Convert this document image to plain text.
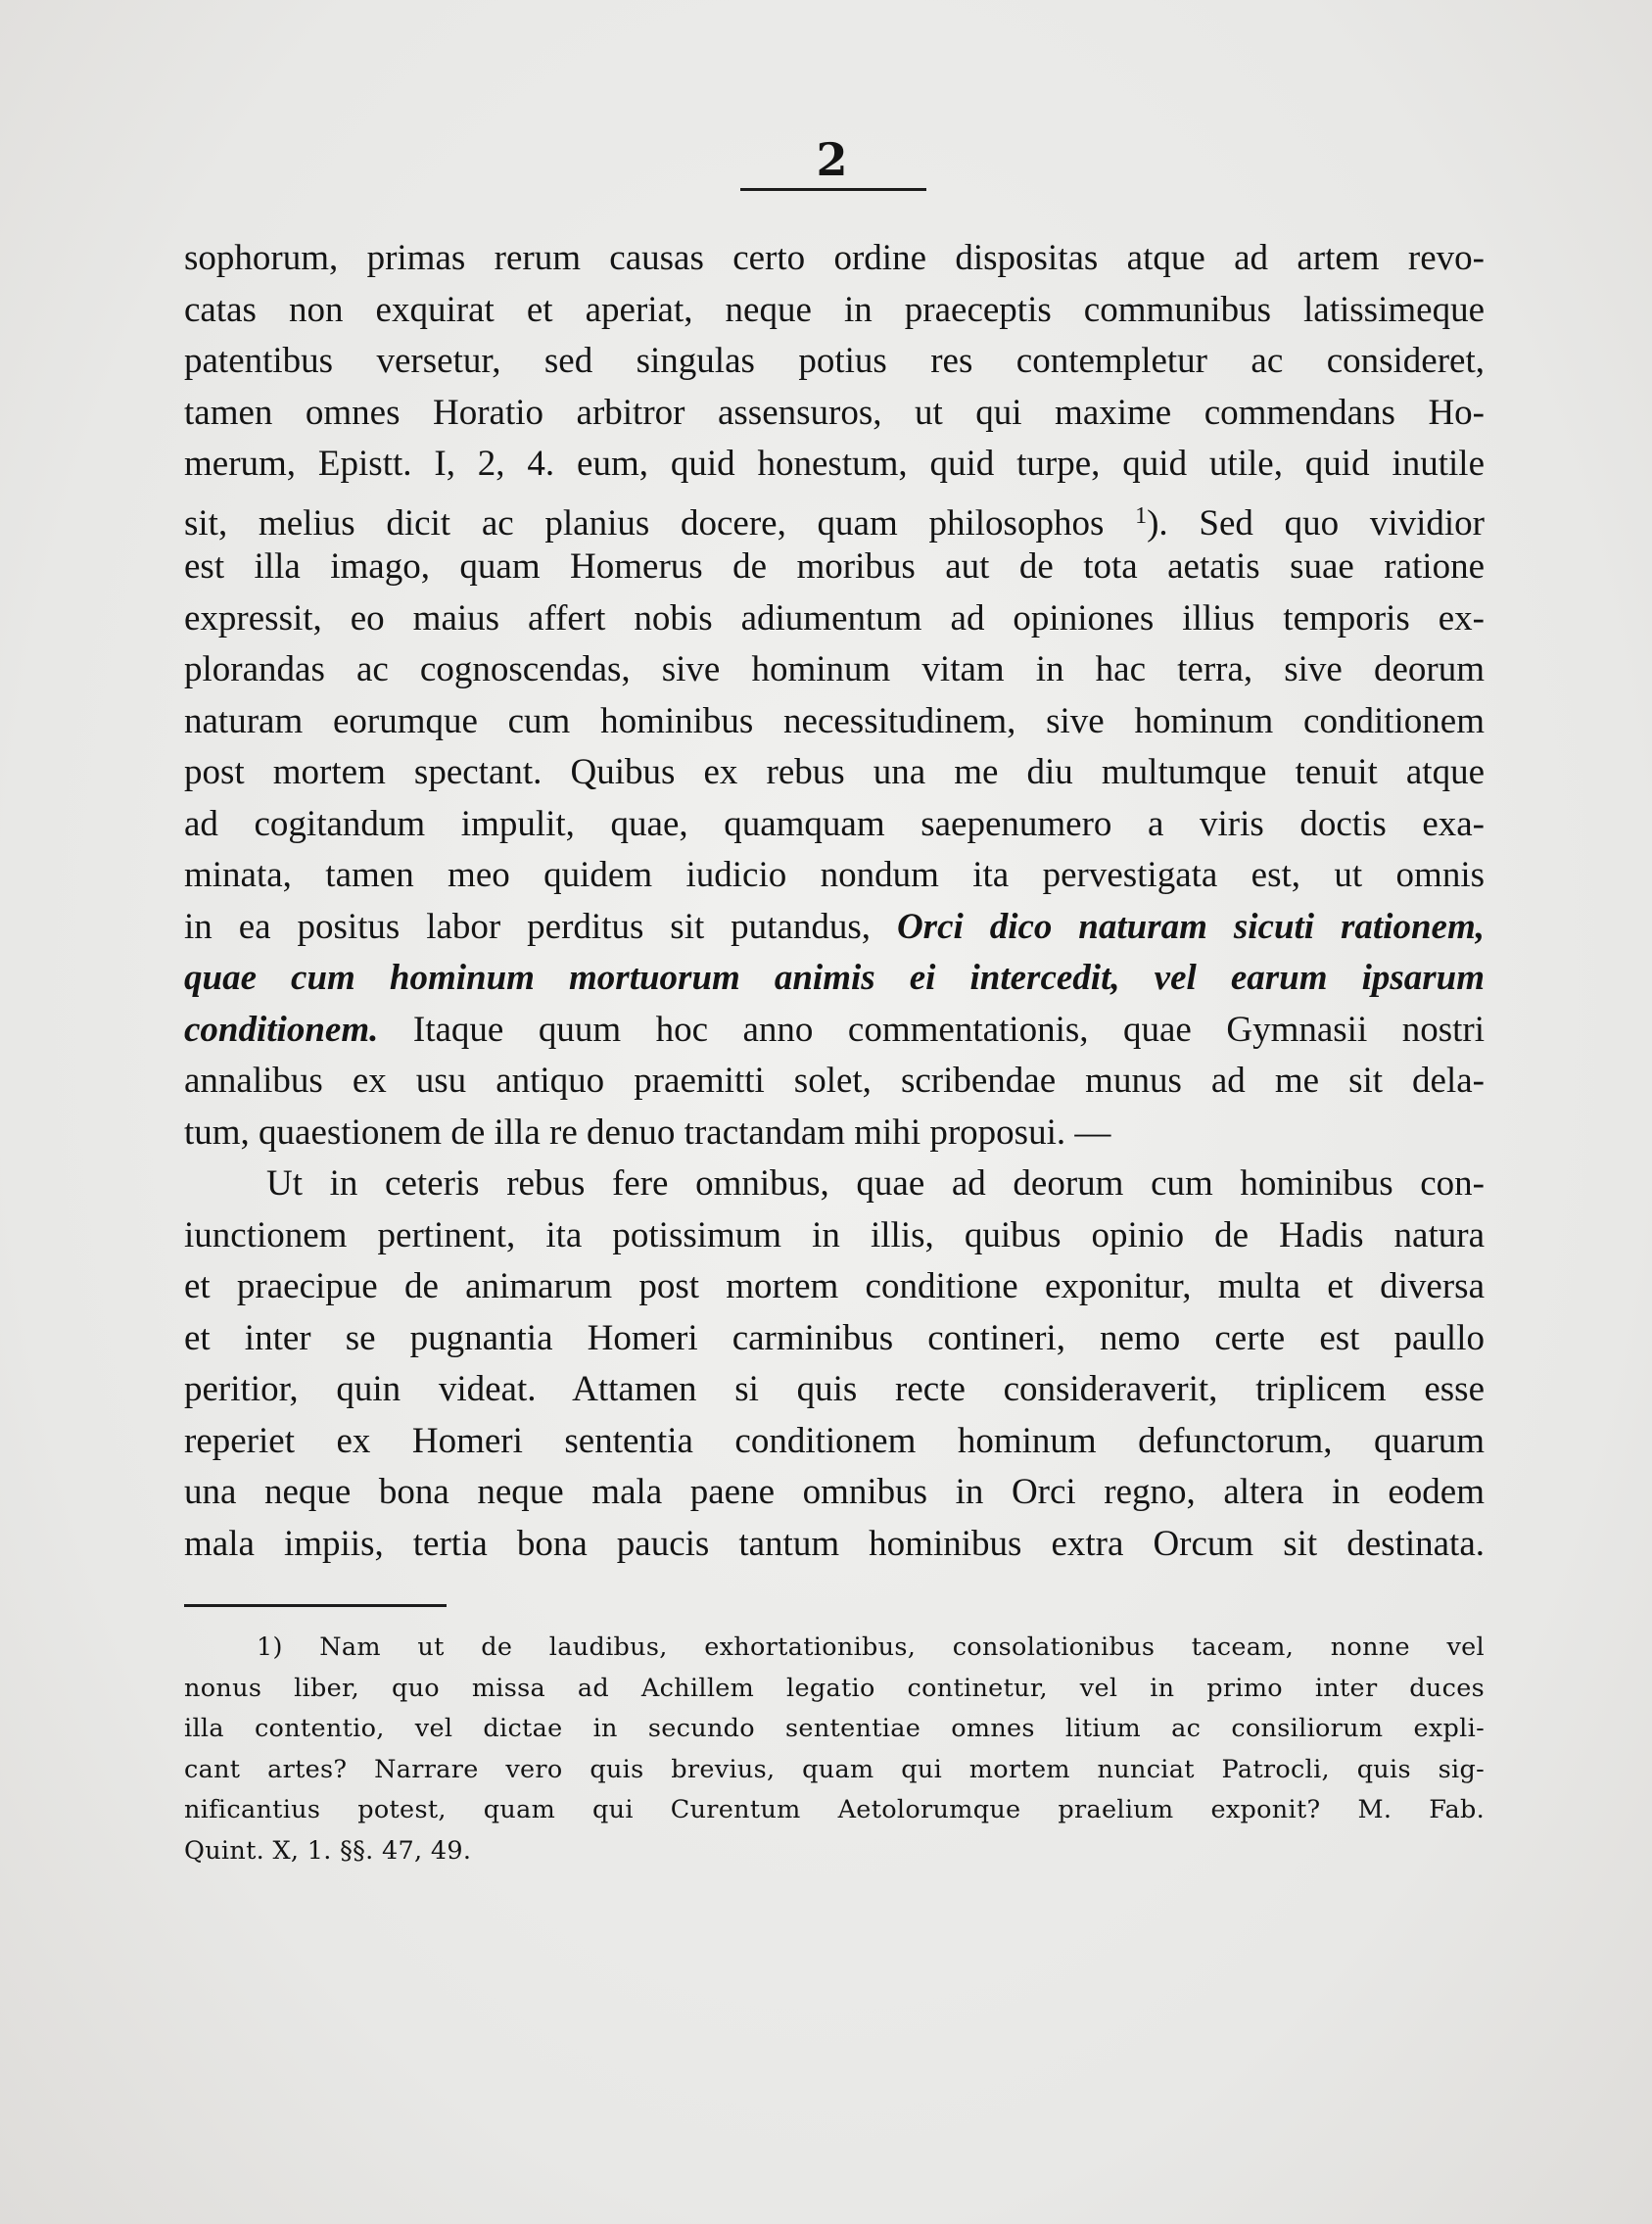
2
sophorum, primas rerum causas certo ordine dispositas atque ad artem revo-
catas non exquirat et aperiat, neque in praeceptis communibus latissimeque
patentibus versetur, sed singulas potius res contempletur ac consideret,
tamen omnes Horatio arbitror assensuros, ut qui maxime commendans Ho-
merum, Epistt. I, 2, 4. eum, quid honestum, quid turpe, quid utile, quid inutile
sit, melius dicit ac planius docere, quam philosophos $^1$). Sed quo vividior
est illa imago, quam Homerus de moribus aut de tota aetatis suae ratione
expressit, eo maius affert nobis adiumentum ad opiniones illius temporis ex-
plorandas ac cognoscendas, sive hominum vitam in hac terra, sive deorum
naturam eorumque cum hominibus necessitudinem, sive hominum conditionem
post mortem spectant. Quibus ex rebus una me diu multumque tenuit atque
ad cogitandum impulit, quae, quamquam saepenumero a viris doctis exa-
minata, tamen meo quidem iudicio nondum ita pervestigata est, ut omnis
in ea positus labor perditus sit putandus, Orci dico naturam sicuti rationem,
quae cum hominum mortuorum animis ei intercedit, vel earum ipsarum
conditionem. Itaque quum hoc anno commentationis, quae Gymnasii nostri
annalibus ex usu antiquo praemitti solet, scribendae munus ad me sit dela-
tum, quaestionem de illa re denuo tractandam mihi proposui. —
Ut in ceteris rebus fere omnibus, quae ad deorum cum hominibus con-
iunctionem pertinent, ita potissimum in illis, quibus opinio de Hadis natura
et praecipue de animarum post mortem conditione exponitur, multa et diversa
et inter se pugnantia Homeri carminibus contineri, nemo certe est paullo
peritior, quin videat. Attamen si quis recte consideraverit, triplicem esse
reperiet ex Homeri sententia conditionem hominum defunctorum, quarum
una neque bona neque mala paene omnibus in Orci regno, altera in eodem
mala impiis, tertia bona paucis tantum hominibus extra Orcum sit destinata.
1) Nam ut de laudibus, exhortationibus, consolationibus taceam, nonne vel
nonus liber, quo missa ad Achillem legatio continetur, vel in primo inter duces
illa contentio, vel dictae in secundo sententiae omnes litium ac consiliorum expli-
cant artes? Narrare vero quis brevius, quam qui mortem nunciat Patrocli, quis sig-
nificantius potest, quam qui Curentum Aetolorumque praelium exponit? M. Fab.
Quint. X, 1. §§. 47, 49.
